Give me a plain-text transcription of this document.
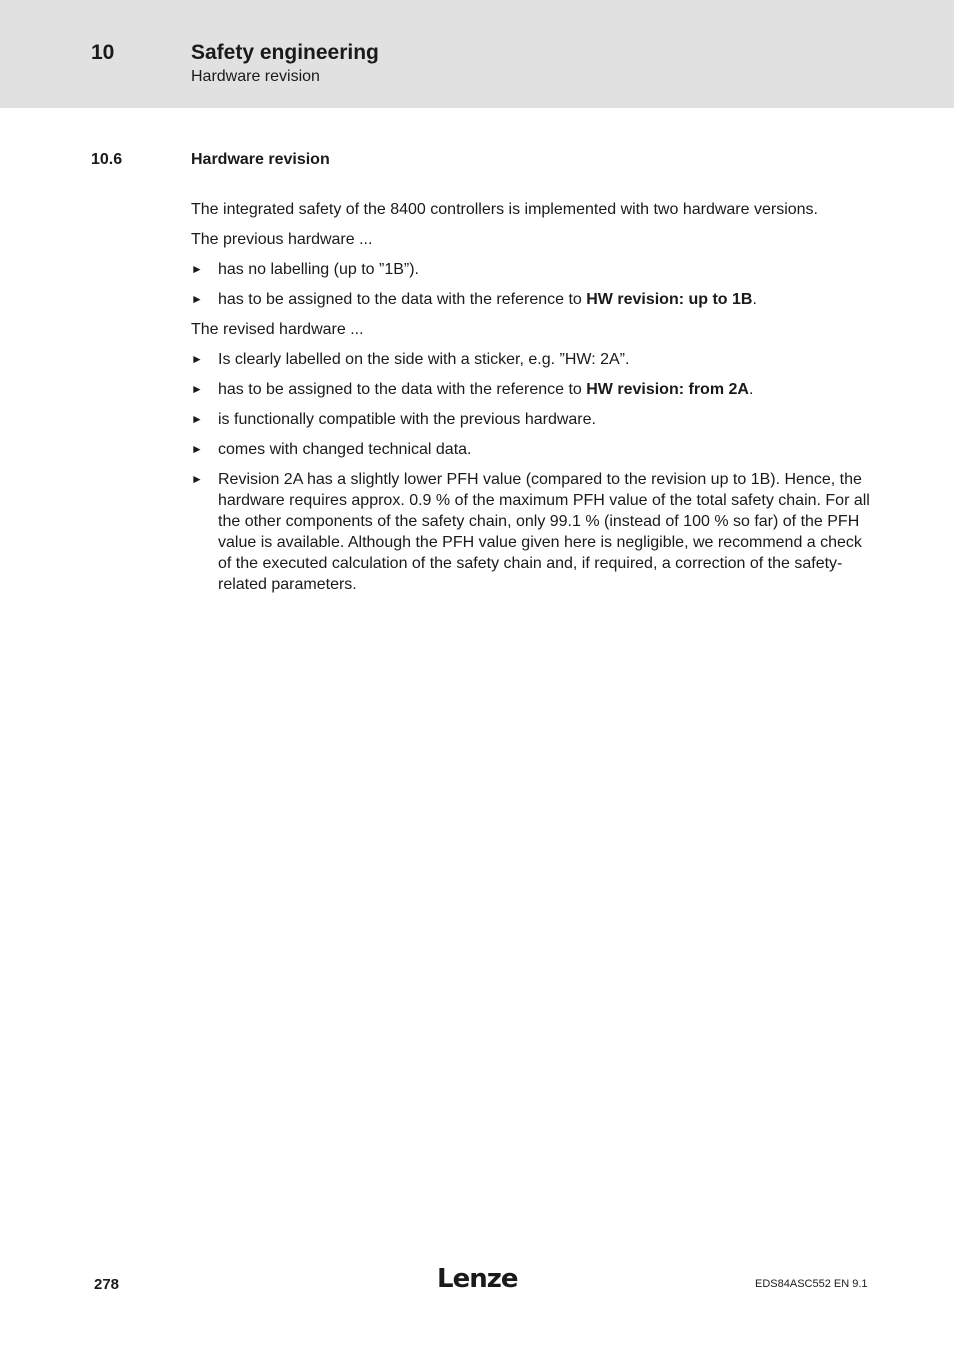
10	Safety engineering
Hardware revision
10.6	Hardware revision

The integrated safety of the 8400 controllers is implemented with two hardware versions.

The previous hardware ...

► has no labelling (up to ”1B”).
► has to be assigned to the data with the reference to HW revision: up to 1B.

The revised hardware ...

► Is clearly labelled on the side with a sticker, e.g. ”HW: 2A”.
► has to be assigned to the data with the reference to HW revision: from 2A.
► is functionally compatible with the previous hardware.
► comes with changed technical data.
► Revision 2A has a slightly lower PFH value (compared to the revision up to 1B). Hence, the hardware requires approx. 0.9 % of the maximum PFH value of the total safety chain. For all the other components of the safety chain, only 99.1 % (instead of 100 % so far) of the PFH value is available. Although the PFH value given here is negligible, we recommend a check of the executed calculation of the safety chain and, if required, a correction of the safety-related parameters.
278	Lenze	EDS84ASC552 EN 9.1
